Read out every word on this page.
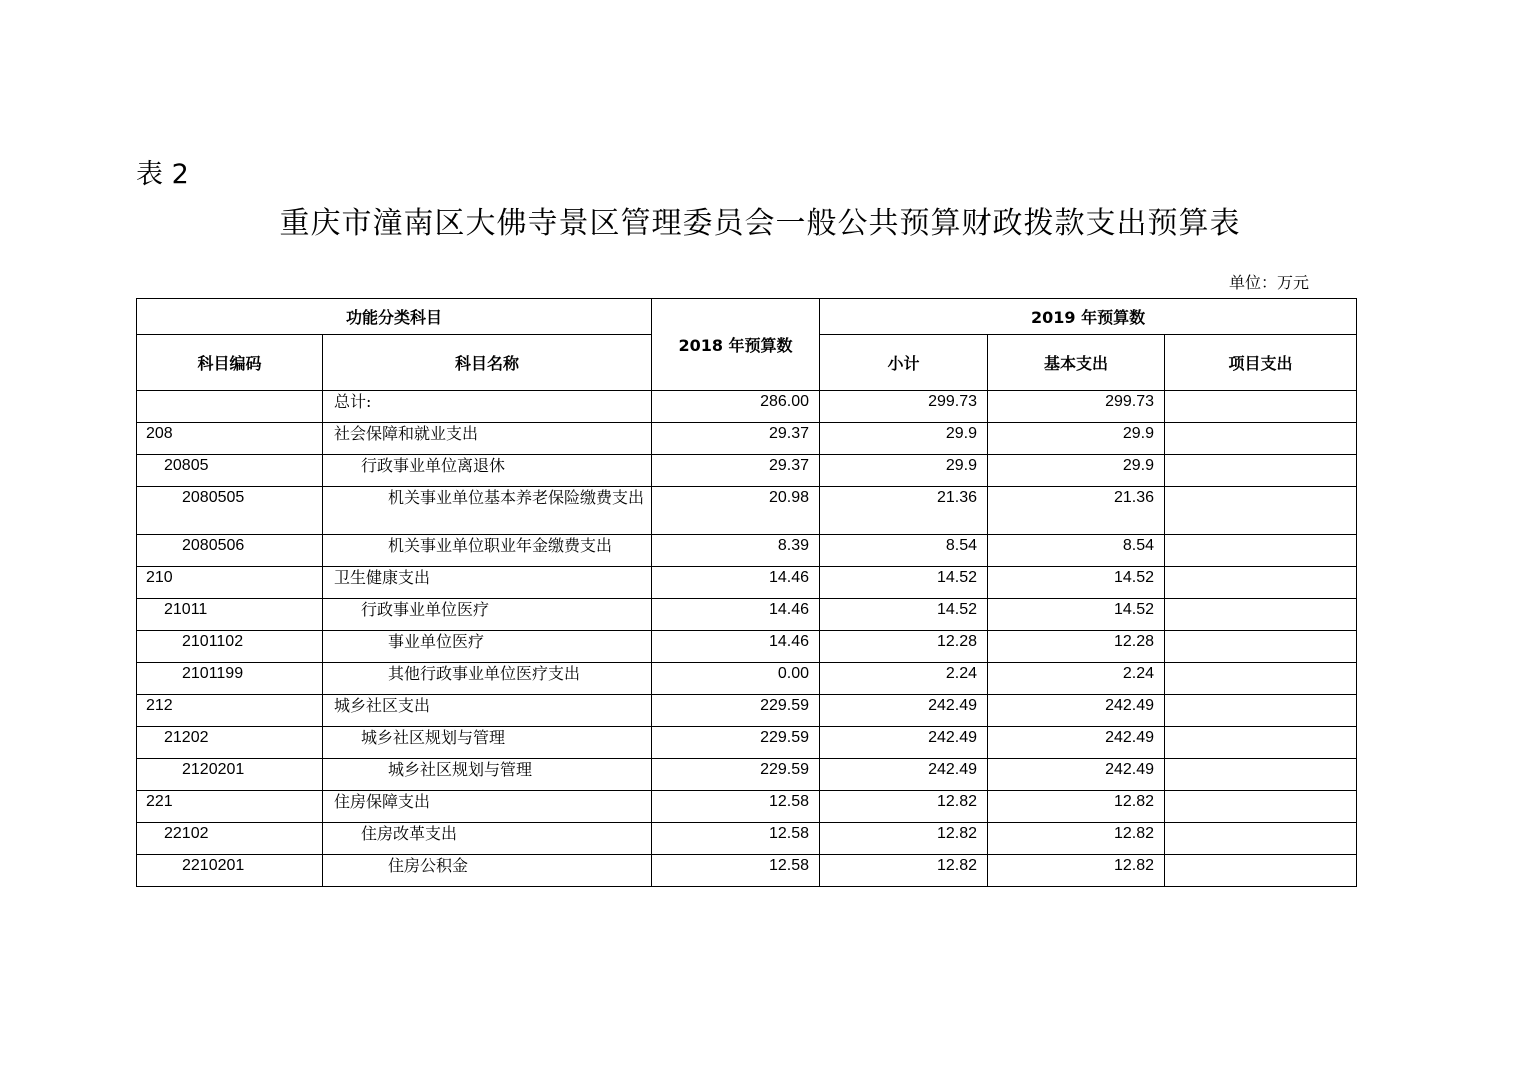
表 2
重庆市潼南区大佛寺景区管理委员会一般公共预算财政拨款支出预算表
单位：万元
功能分类科目		2018 年预算数	2019 年预算数		
科目编码	科目名称		小计	基本支出	项目支出
	总计:	286.00	299.73	299.73	
208	社会保障和就业支出	29.37	29.9	29.9	
20805	行政事业单位离退休	29.37	29.9	29.9	
2080505	机关事业单位基本养老保险缴费支出	20.98	21.36	21.36	
2080506	机关事业单位职业年金缴费支出	8.39	8.54	8.54	
210	卫生健康支出	14.46	14.52	14.52	
21011	行政事业单位医疗	14.46	14.52	14.52	
2101102	事业单位医疗	14.46	12.28	12.28	
2101199	其他行政事业单位医疗支出	0.00	2.24	2.24	
212	城乡社区支出	229.59	242.49	242.49	
21202	城乡社区规划与管理	229.59	242.49	242.49	
2120201	城乡社区规划与管理	229.59	242.49	242.49	
221	住房保障支出	12.58	12.82	12.82	
22102	住房改革支出	12.58	12.82	12.82	
2210201	住房公积金	12.58	12.82	12.82	
